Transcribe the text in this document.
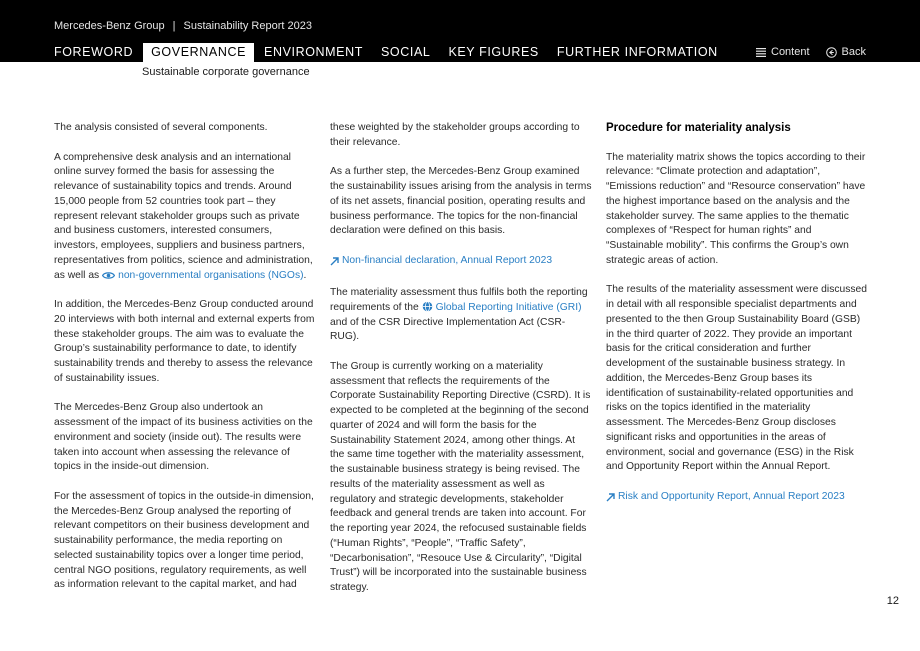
Mercedes-Benz Group | Sustainability Report 2023
FOREWORD	GOVERNANCE	ENVIRONMENT SOCIAL KEY FIGURES FURTHER INFORMATION	Content	Back
Sustainable corporate governance

The analysis consisted of several components.

A comprehensive desk analysis and an international online survey formed the basis for assessing the relevance of sustainability topics and trends. Around 15,000 people from 52 countries took part – they represent relevant stakeholder groups such as private and business customers, interested consumers, investors, employees, suppliers and business partners, representatives from politics, science and administration, as well as non-governmental organisations (NGOs).

In addition, the Mercedes-Benz Group conducted around 20 interviews with both internal and external experts from these stakeholder groups. The aim was to evaluate the Group’s sustainability performance to date, to identify sustainability trends and thereby to assess the relevance of sustainability issues.

The Mercedes-Benz Group also undertook an assessment of the impact of its business activities on the environment and society (inside out). The results were taken into account when assessing the relevance of topics in the inside-out dimension.

For the assessment of topics in the outside-in dimension, the Mercedes-Benz Group analysed the reporting of relevant competitors on their business development and sustainability performance, the media reporting on selected sustainability topics over a longer time period, central NGO positions, regulatory requirements, as well as information relevant to the capital market, and had

these weighted by the stakeholder groups according to their relevance.

As a further step, the Mercedes-Benz Group examined the sustainability issues arising from the analysis in terms of its net assets, financial position, operating results and business performance. The topics for the non-financial declaration were defined on this basis.

Non-financial declaration, Annual Report 2023

The materiality assessment thus fulfils both the reporting requirements of the Global Reporting Initiative (GRI) and of the CSR Directive Implementation Act (CSR-RUG).

The Group is currently working on a materiality assessment that reflects the requirements of the Corporate Sustainability Reporting Directive (CSRD). It is expected to be completed at the beginning of the second quarter of 2024 and will form the basis for the Sustainability Statement 2024, among other things. At the same time together with the materiality assessment, the sustainable business strategy is being revised. The results of the materiality assessment as well as regulatory and strategic developments, stakeholder feedback and general trends are taken into account. For the reporting year 2024, the refocused sustainable fields (“Human Rights”, “People”, “Traffic Safety”, “Decarbonisation”, “Resouce Use & Circularity”, “Digital Trust”) will be incorporated into the sustainable business strategy.

Procedure for materiality analysis

The materiality matrix shows the topics according to their relevance: “Climate protection and adaptation”, “Emissions reduction” and “Resource conservation” have the highest importance based on the analysis and the stakeholder survey. The same applies to the thematic complexes of “Respect for human rights” and “Sustainable mobility”. This confirms the Group’s own strategic areas of action.

The results of the materiality assessment were discussed in detail with all responsible specialist departments and presented to the then Group Sustainability Board (GSB) in the third quarter of 2022. They provide an important basis for the critical consideration and further development of the sustainable business strategy. In addition, the Mercedes-Benz Group bases its identification of sustainability-related opportunities and risks on the topics identified in the materiality assessment. The Mercedes-Benz Group discloses significant risks and opportunities in the areas of environment, social and governance (ESG) in the Risk and Opportunity Report within the Annual Report.

Risk and Opportunity Report, Annual Report 2023

12
